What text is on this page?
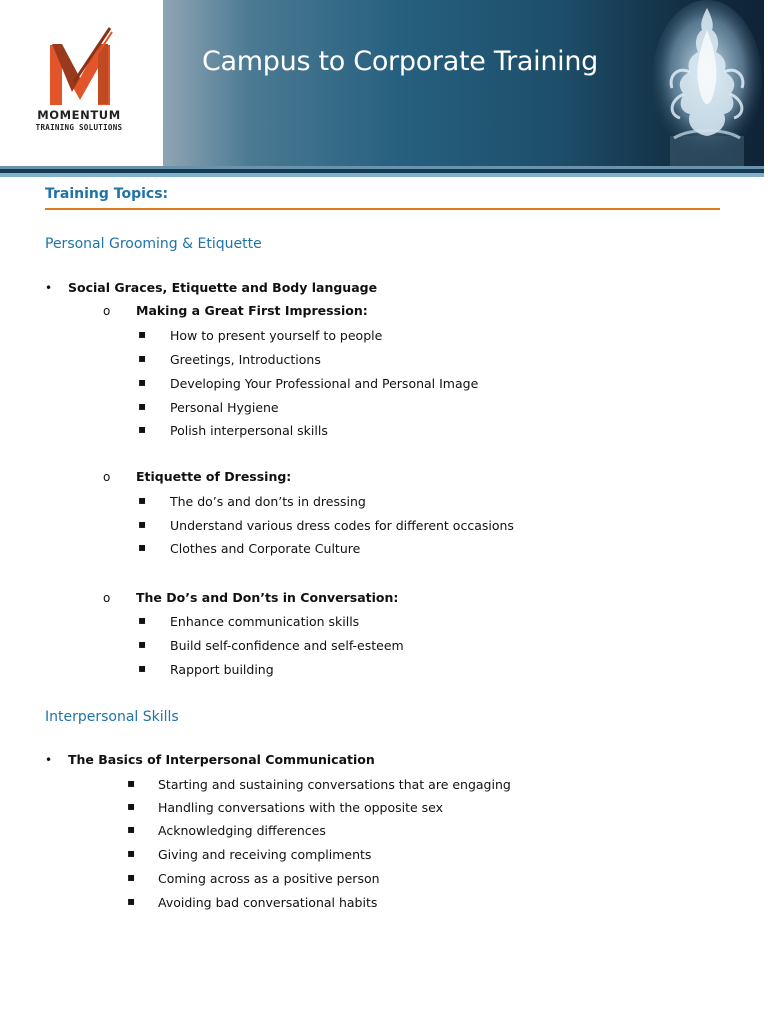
MOMENTUM
TRAINING SOLUTIONS
Campus to Corporate Training
Training Topics:
Personal Grooming & Etiquette
• Social Graces, Etiquette and Body language
o Making a Great First Impression:
▪ How to present yourself to people
▪ Greetings, Introductions
▪ Developing Your Professional and Personal Image
▪ Personal Hygiene
▪ Polish interpersonal skills
o Etiquette of Dressing:
▪ The do’s and don’ts in dressing
▪ Understand various dress codes for different occasions
▪ Clothes and Corporate Culture
o The Do’s and Don’ts in Conversation:
▪ Enhance communication skills
▪ Build self-confidence and self-esteem
▪ Rapport building
Interpersonal Skills
• The Basics of Interpersonal Communication
▪ Starting and sustaining conversations that are engaging
▪ Handling conversations with the opposite sex
▪ Acknowledging differences
▪ Giving and receiving compliments
▪ Coming across as a positive person
▪ Avoiding bad conversational habits
